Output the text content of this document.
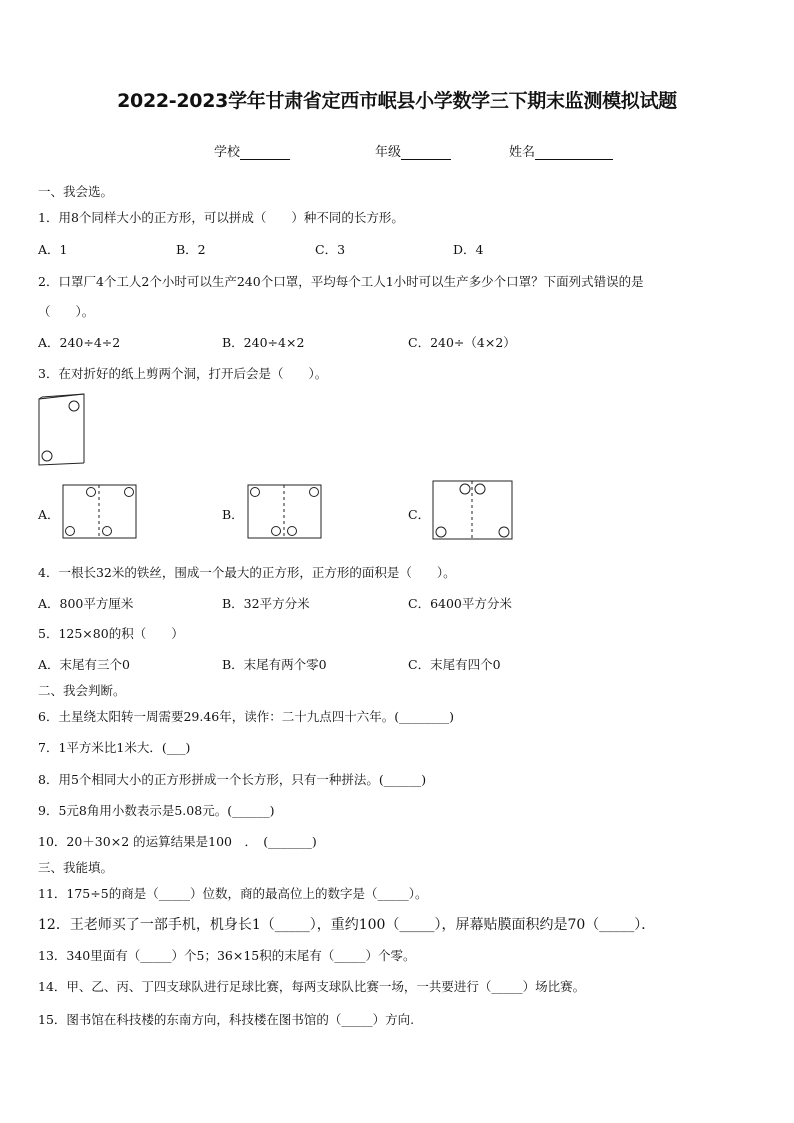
2022-2023学年甘肃省定西市岷县小学数学三下期末监测模拟试题
学校	年级	姓名
一、我会选。
1．用8个同样大小的正方形，可以拼成（　　）种不同的长方形。
A．1	B．2	C．3	D．4
2．口罩厂4个工人2个小时可以生产240个口罩，平均每个工人1小时可以生产多少个口罩？下面列式错误的是
（　　）。
A．240÷4÷2	B．240÷4×2	C．240÷（4×2）
3．在对折好的纸上剪两个洞，打开后会是（　　）。
A．	B．	C．
4．一根长32米的铁丝，围成一个最大的正方形，正方形的面积是（　　）。
A．800平方厘米	B．32平方分米	C．6400平方分米
5．125×80的积（　　）
A．末尾有三个0	B．末尾有两个零0	C．末尾有四个0
二、我会判断。
6．土星绕太阳转一周需要29.46年，读作：二十九点四十六年。(________)
7．1平方米比1米大．(___)
8．用5个相同大小的正方形拼成一个长方形，只有一种拼法。(______)
9．5元8角用小数表示是5.08元。(______)
10．20＋30×2 的运算结果是100　．　(_______)
三、我能填。
11．175÷5的商是（_____）位数，商的最高位上的数字是（_____）。
12．王老师买了一部手机，机身长1（_____），重约100（_____），屏幕贴膜面积约是70（_____）．
13．340里面有（_____）个5；36×15积的末尾有（_____）个零。
14．甲、乙、丙、丁四支球队进行足球比赛，每两支球队比赛一场，一共要进行（_____）场比赛。
15．图书馆在科技楼的东南方向，科技楼在图书馆的（_____）方向.
